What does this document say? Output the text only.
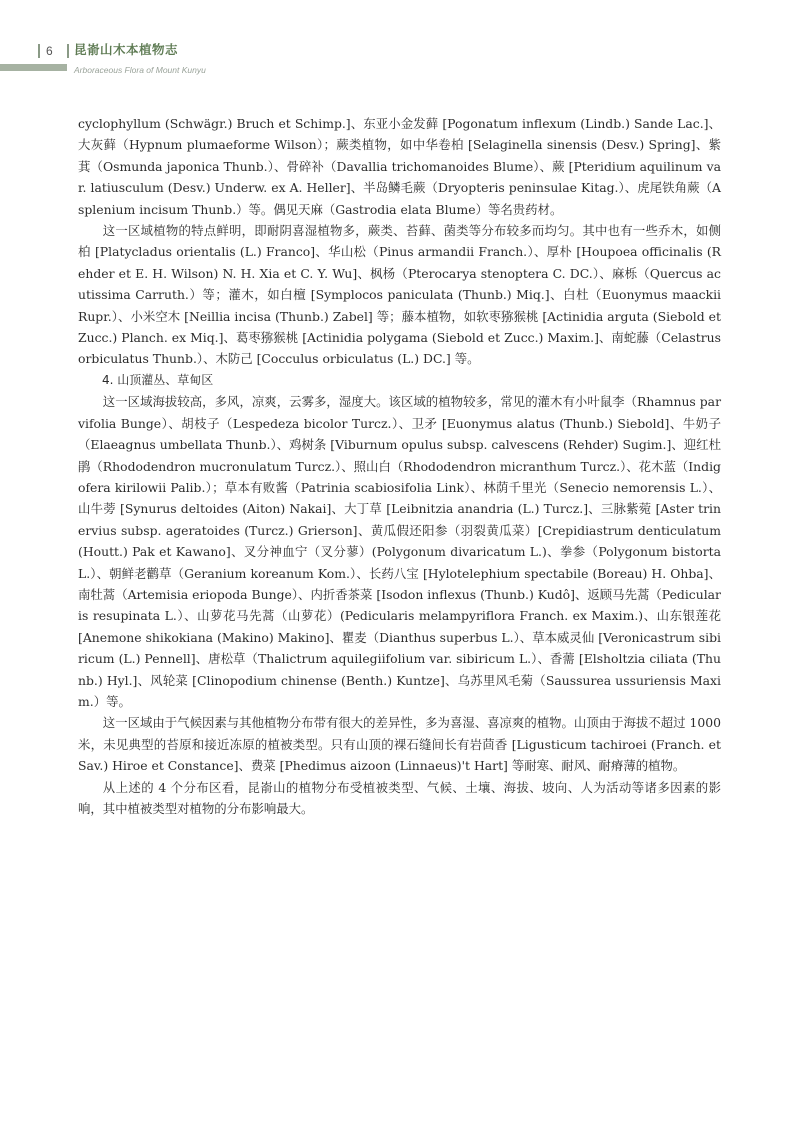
6 昆嵛山木本植物志
Arboraceous Flora of Mount Kunyu

cyclophyllum (Schwägr.) Bruch et Schimp.]、东亚小金发藓 [Pogonatum inflexum (Lindb.) Sande Lac.]、大灰藓（Hypnum plumaeforme Wilson）；蕨类植物，如中华卷柏 [Selaginella sinensis (Desv.) Spring]、紫萁（Osmunda japonica Thunb.）、骨碎补（Davallia trichomanoides Blume）、蕨 [Pteridium aquilinum var. latiusculum (Desv.) Underw. ex A. Heller]、半岛鳞毛蕨（Dryopteris peninsulae Kitag.）、虎尾铁角蕨（Asplenium incisum Thunb.）等。偶见天麻（Gastrodia elata Blume）等名贵药材。

这一区域植物的特点鲜明，即耐阴喜湿植物多，蕨类、苔藓、菌类等分布较多而均匀。其中也有一些乔木，如侧柏 [Platycladus orientalis (L.) Franco]、华山松（Pinus armandii Franch.）、厚朴 [Houpoea officinalis (Rehder et E. H. Wilson) N. H. Xia et C. Y. Wu]、枫杨（Pterocarya stenoptera C. DC.）、麻栎（Quercus acutissima Carruth.）等；灌木，如白檀 [Symplocos paniculata (Thunb.) Miq.]、白杜（Euonymus maackii Rupr.）、小米空木 [Neillia incisa (Thunb.) Zabel] 等；藤本植物，如软枣猕猴桃 [Actinidia arguta (Siebold et Zucc.) Planch. ex Miq.]、葛枣猕猴桃 [Actinidia polygama (Siebold et Zucc.) Maxim.]、南蛇藤（Celastrus orbiculatus Thunb.）、木防己 [Cocculus orbiculatus (L.) DC.] 等。

4. 山顶灌丛、草甸区

这一区域海拔较高，多风，凉爽，云雾多，湿度大。该区域的植物较多，常见的灌木有小叶鼠李（Rhamnus parvifolia Bunge）、胡枝子（Lespedeza bicolor Turcz.）、卫矛 [Euonymus alatus (Thunb.) Siebold]、牛奶子（Elaeagnus umbellata Thunb.）、鸡树条 [Viburnum opulus subsp. calvescens (Rehder) Sugim.]、迎红杜鹃（Rhododendron mucronulatum Turcz.）、照山白（Rhododendron micranthum Turcz.）、花木蓝（Indigofera kirilowii Palib.）；草本有败酱（Patrinia scabiosifolia Link）、林荫千里光（Senecio nemorensis L.）、山牛蒡 [Synurus deltoides (Aiton) Nakai]、大丁草 [Leibnitzia anandria (L.) Turcz.]、三脉紫菀 [Aster trinervius subsp. ageratoides (Turcz.) Grierson]、黄瓜假还阳参（羽裂黄瓜菜）[Crepidiastrum denticulatum (Houtt.) Pak et Kawano]、叉分神血宁（叉分蓼）(Polygonum divaricatum L.)、拳参（Polygonum bistorta L.）、朝鲜老鹳草（Geranium koreanum Kom.）、长药八宝 [Hylotelephium spectabile (Boreau) H. Ohba]、南牡蒿（Artemisia eriopoda Bunge）、内折香茶菜 [Isodon inflexus (Thunb.) Kudô]、返顾马先蒿（Pedicularis resupinata L.）、山萝花马先蒿（山萝花）(Pedicularis melampyriflora Franch. ex Maxim.)、山东银莲花 [Anemone shikokiana (Makino) Makino]、瞿麦（Dianthus superbus L.）、草本威灵仙 [Veronicastrum sibiricum (L.) Pennell]、唐松草（Thalictrum aquilegiifolium var. sibiricum L.）、香薷 [Elsholtzia ciliata (Thunb.) Hyl.]、风轮菜 [Clinopodium chinense (Benth.) Kuntze]、乌苏里风毛菊（Saussurea ussuriensis Maxim.）等。

这一区域由于气候因素与其他植物分布带有很大的差异性，多为喜湿、喜凉爽的植物。山顶由于海拔不超过 1000 米，未见典型的苔原和接近冻原的植被类型。只有山顶的裸石缝间长有岩茴香 [Ligusticum tachiroei (Franch. et Sav.) Hiroe et Constance]、费菜 [Phedimus aizoon (Linnaeus)'t Hart] 等耐寒、耐风、耐瘠薄的植物。

从上述的 4 个分布区看，昆嵛山的植物分布受植被类型、气候、土壤、海拔、坡向、人为活动等诸多因素的影响，其中植被类型对植物的分布影响最大。
